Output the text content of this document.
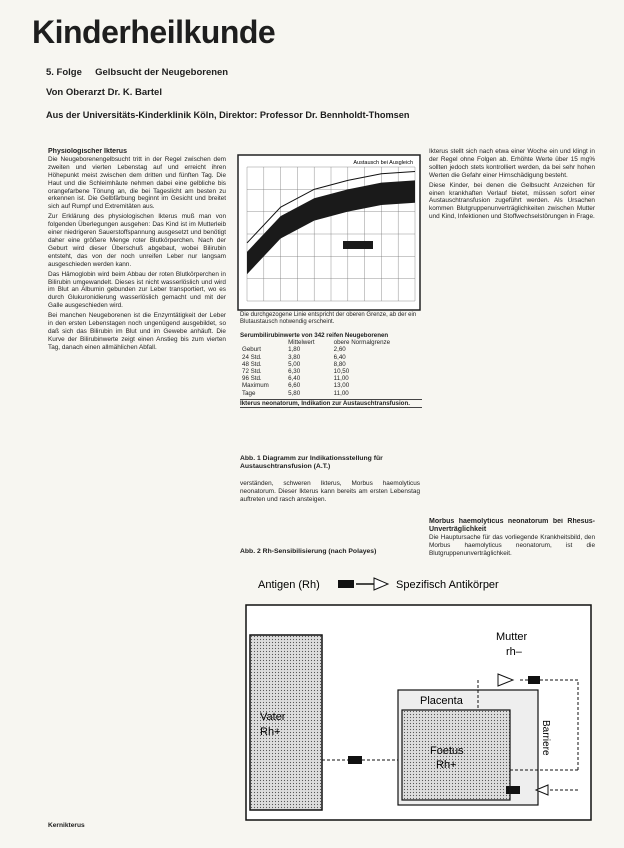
Kinderheilkunde
5. Folge     Gelbsucht der Neugeborenen
Von Oberarzt Dr. K. Bartel
Aus der Universitäts-Kinderklinik Köln, Direktor: Professor Dr. Bennholdt-Thomsen
Physiologischer Ikterus

Die Neugeborenengelbsucht tritt in der Regel zwischen dem zweiten und vierten Lebenstag auf und erreicht ihren Höhepunkt meist zwischen dem dritten und fünften Tag. Die Haut und die Schleimhäute nehmen dabei eine gelbliche bis orangefarbene Tönung an, die bei Tageslicht am besten zu erkennen ist. Die Gelbfärbung beginnt im Gesicht und breitet sich auf Rumpf und Extremitäten aus.

Zur Erklärung des physiologischen Ikterus muß man von folgenden Überlegungen ausgehen: Das Kind ist im Mutterleib einer niedrigeren Sauerstoffspannung ausgesetzt und benötigt daher eine größere Menge roter Blutkörperchen. Nach der Geburt wird dieser Überschuß abgebaut, wobei Bilirubin entsteht, das von der noch unreifen Leber nur langsam ausgeschieden werden kann.

Das Hämoglobin wird beim Abbau der roten Blutkörperchen in Bilirubin umgewandelt. Dieses ist nicht wasserlöslich und wird im Blut an Albumin gebunden zur Leber transportiert, wo es durch Glukuronidierung wasserlöslich gemacht und mit der Galle ausgeschieden wird.

Bei manchen Neugeborenen ist die Enzymtätigkeit der Leber in den ersten Lebenstagen noch ungenügend ausgebildet, so daß sich das Bilirubin im Blut und im Gewebe anhäuft. Die Kurve der Bilirubinwerte zeigt einen Anstieg bis zum vierten Tag, danach einen allmählichen Abfall.

Kernikterus
Austausch bei Ausgleich
Die durchgezogene Linie entspricht der oberen Grenze, ab der ein Blutaustausch notwendig erscheint.
Serumbilirubinwerte von 342 reifen Neugeborenen
	Mittelwert	obere Normalgrenze
Geburt	1,80	2,60
24 Std.	3,80	6,40
48 Std.	5,00	8,80
72 Std.	6,30	10,50
96 Std.	6,40	11,00
Maximum	6,60	13,00
Tage	5,80	11,00
Ikterus neonatorum, Indikation zur Austauschtransfusion.
Abb. 1 Diagramm zur Indikationsstellung für Austauschtransfusion (A.T.)

verständen, schweren Ikterus, Morbus haemolyticus neonatorum. Dieser Ikterus kann bereits am ersten Lebenstag auftreten und rasch ansteigen.

Ikterus stellt sich nach etwa einer Woche ein und klingt in der Regel ohne Folgen ab. Erhöhte Werte über 15 mg% sollten jedoch stets kontrolliert werden, da bei sehr hohen Werten die Gefahr einer Hirnschädigung besteht.

Diese Kinder, bei denen die Gelbsucht Anzeichen für einen krankhaften Verlauf bietet, müssen sofort einer Austauschtransfusion zugeführt werden. Als Ursachen kommen Blutgruppenunverträglichkeiten zwischen Mutter und Kind, Infektionen und Stoffwechselstörungen in Frage.

Morbus haemolyticus neonatorum bei Rhesus-Unverträglichkeit

Die Hauptursache für das vorliegende Krankheitsbild, den Morbus haemolyticus neonatorum, ist die Blutgruppenunverträglichkeit.

Abb. 2 Rh-Sensibilisierung (nach Polayes)
Antigen (Rh)	Spezifisch Antikörper
Mutter
rh–
Vater
Rh+
Placenta
Foetus
Rh+
Barriere
